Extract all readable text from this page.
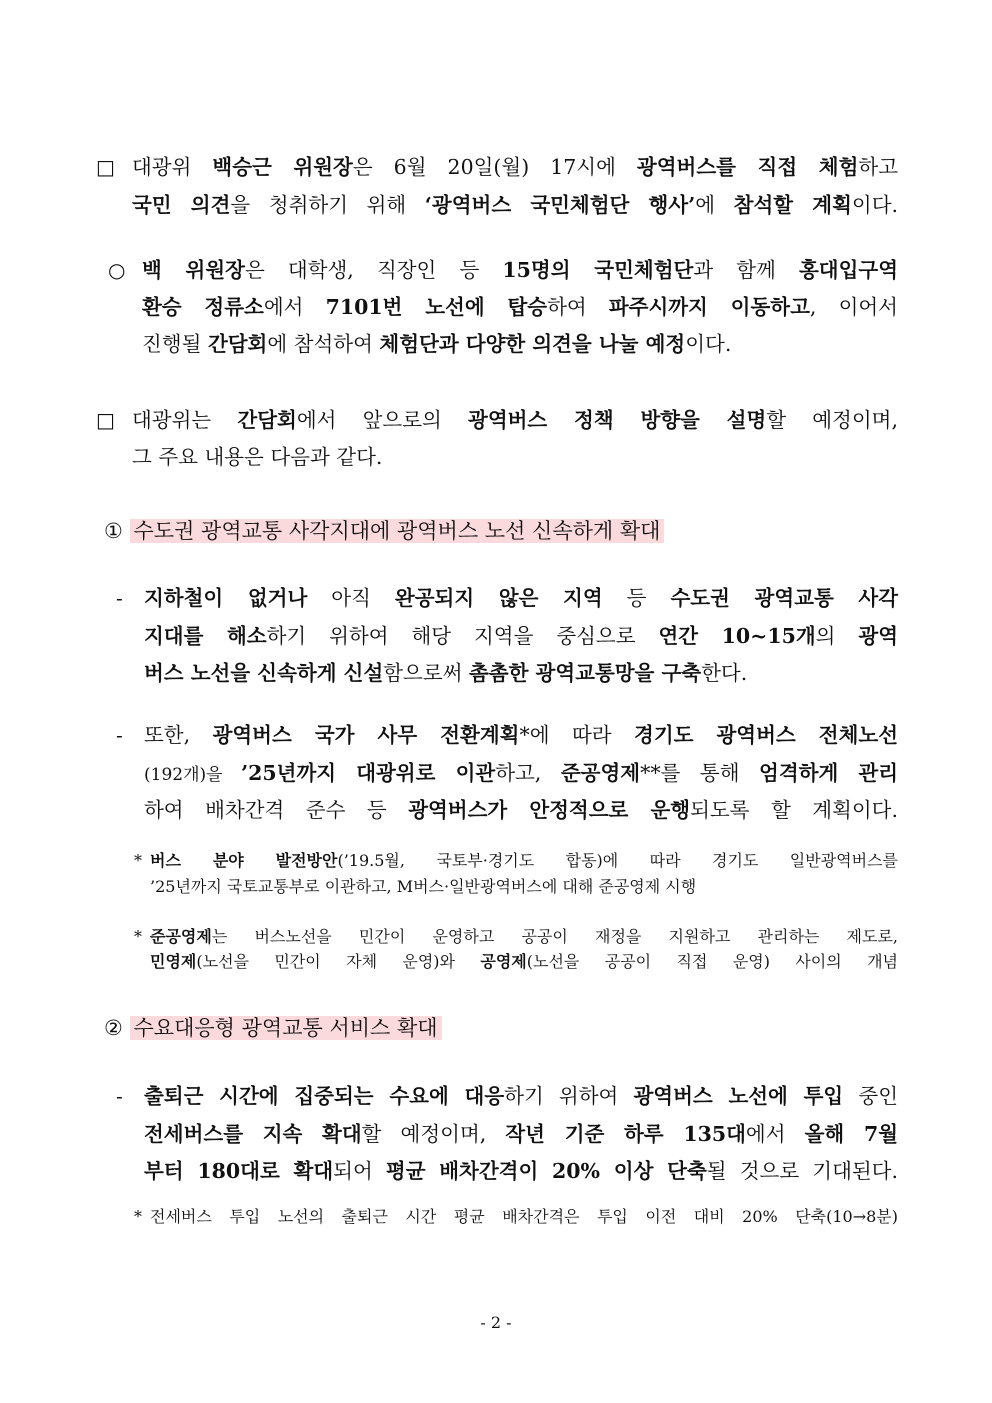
□ 대광위 백승근 위원장은 6월 20일(월) 17시에 광역버스를 직접 체험하고
국민 의견을 청취하기 위해 ‘광역버스 국민체험단 행사’에 참석할 계획이다.
○ 백 위원장은 대학생, 직장인 등 15명의 국민체험단과 함께 홍대입구역
환승 정류소에서 7101번 노선에 탑승하여 파주시까지 이동하고, 이어서
진행될 간담회에 참석하여 체험단과 다양한 의견을 나눌 예정이다.
□ 대광위는 간담회에서 앞으로의 광역버스 정책 방향을 설명할 예정이며,
그 주요 내용은 다음과 같다.
① 수도권 광역교통 사각지대에 광역버스 노선 신속하게 확대
- 지하철이 없거나 아직 완공되지 않은 지역 등 수도권 광역교통 사각
지대를 해소하기 위하여 해당 지역을 중심으로 연간 10~15개의 광역
버스 노선을 신속하게 신설함으로써 촘촘한 광역교통망을 구축한다.
- 또한, 광역버스 국가 사무 전환계획*에 따라 경기도 광역버스 전체노선
(192개)을 ’25년까지 대광위로 이관하고, 준공영제**를 통해 엄격하게 관리
하여 배차간격 준수 등 광역버스가 안정적으로 운행되도록 할 계획이다.
* 버스 분야 발전방안(’19.5월, 국토부·경기도 합동)에 따라 경기도 일반광역버스를
’25년까지 국토교통부로 이관하고, M버스·일반광역버스에 대해 준공영제 시행
* 준공영제는 버스노선을 민간이 운영하고 공공이 재정을 지원하고 관리하는 제도로,
민영제(노선을 민간이 자체 운영)와 공영제(노선을 공공이 직접 운영) 사이의 개념
② 수요대응형 광역교통 서비스 확대
- 출퇴근 시간에 집중되는 수요에 대응하기 위하여 광역버스 노선에 투입 중인
전세버스를 지속 확대할 예정이며, 작년 기준 하루 135대에서 올해 7월
부터 180대로 확대되어 평균 배차간격이 20% 이상 단축될 것으로 기대된다.
* 전세버스 투입 노선의 출퇴근 시간 평균 배차간격은 투입 이전 대비 20% 단축(10→8분)
- 2 -
